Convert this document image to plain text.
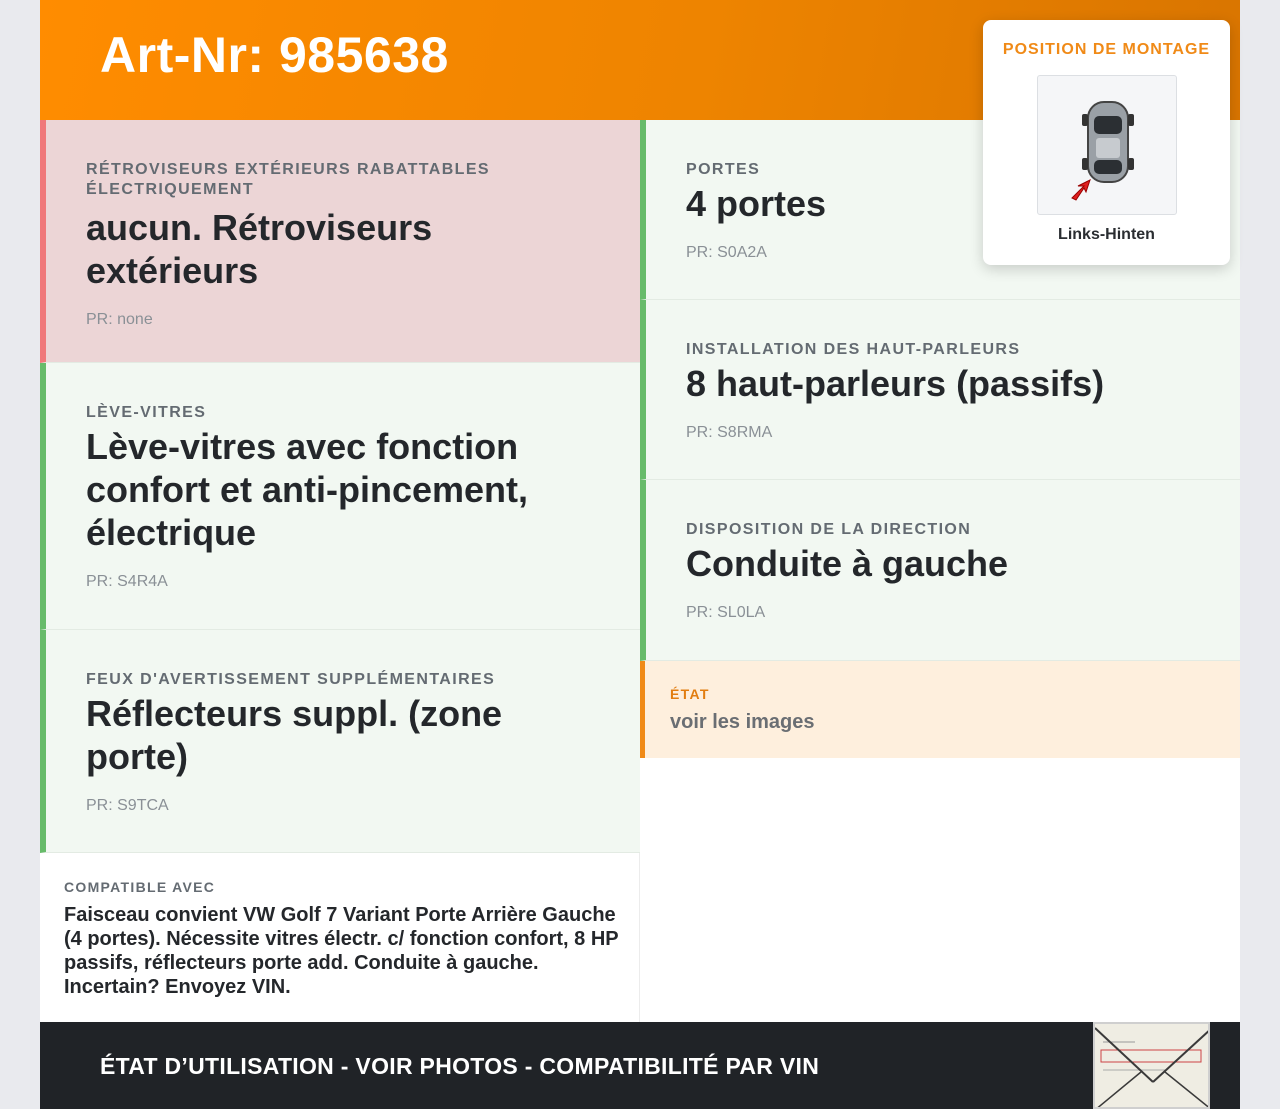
Art-Nr: 985638
RÉTROVISEURS EXTÉRIEURS RABATTABLES ÉLECTRIQUEMENT
aucun. Rétroviseurs extérieurs
PR: none
PORTES
4 portes
PR: S0A2A
LÈVE-VITRES
Lève-vitres avec fonction confort et anti-pincement, électrique
PR: S4R4A
INSTALLATION DES HAUT-PARLEURS
8 haut-parleurs (passifs)
PR: S8RMA
DISPOSITION DE LA DIRECTION
Conduite à gauche
PR: SL0LA
FEUX D'AVERTISSEMENT SUPPLÉMENTAIRES
Réflecteurs suppl. (zone porte)
PR: S9TCA
ÉTAT
voir les images
COMPATIBLE AVEC
Faisceau convient VW Golf 7 Variant Porte Arrière Gauche (4 portes). Nécessite vitres électr. c/ fonction confort, 8 HP passifs, réflecteurs porte add. Conduite à gauche. Incertain? Envoyez VIN.
ÉTAT D’UTILISATION - VOIR PHOTOS - COMPATIBILITÉ PAR VIN
POSITION DE MONTAGE
Links-Hinten
